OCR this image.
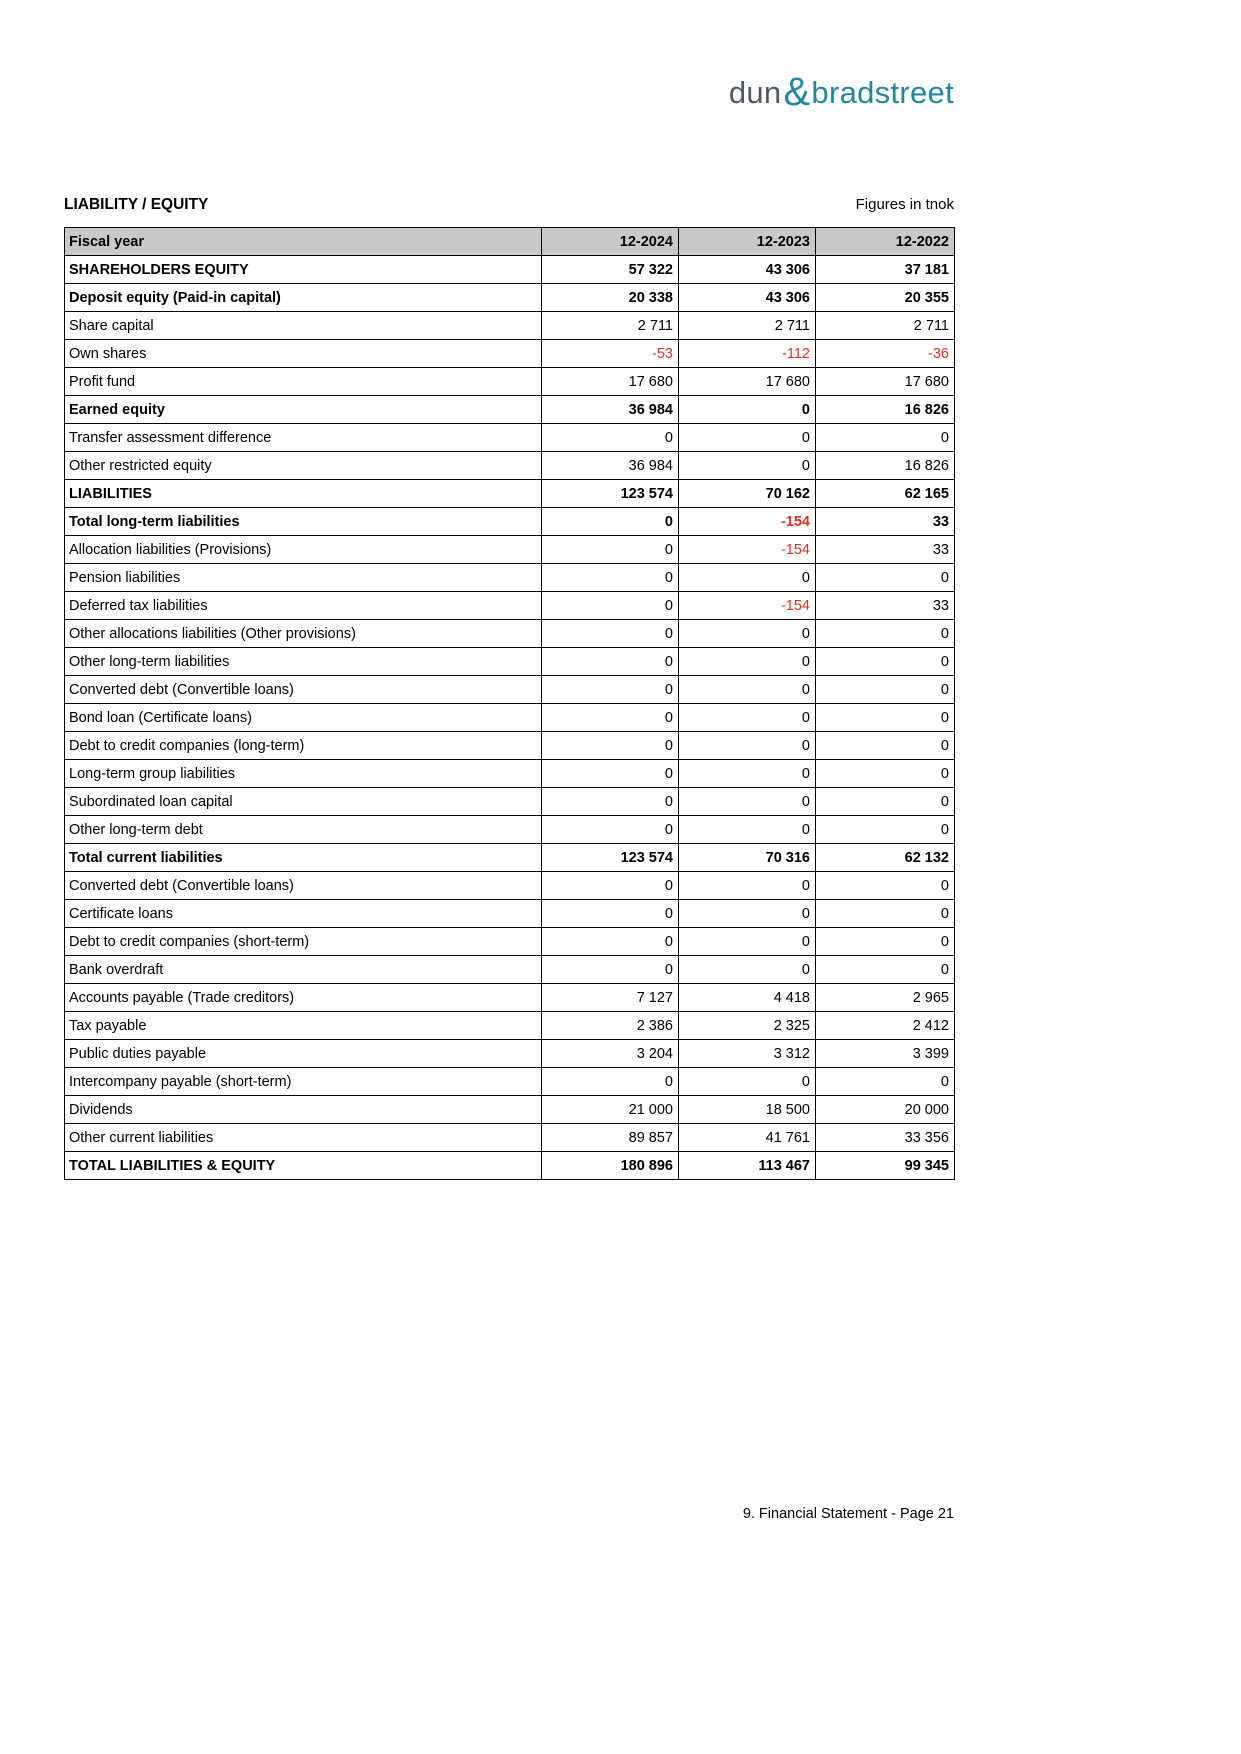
dun & bradstreet
LIABILITY / EQUITY	Figures in tnok
Fiscal year	12-2024	12-2023	12-2022
SHAREHOLDERS EQUITY	57 322	43 306	37 181
Deposit equity (Paid-in capital)	20 338	43 306	20 355
Share capital	2 711	2 711	2 711
Own shares	-53	-112	-36
Profit fund	17 680	17 680	17 680
Earned equity	36 984	0	16 826
Transfer assessment difference	0	0	0
Other restricted equity	36 984	0	16 826
LIABILITIES	123 574	70 162	62 165
Total long-term liabilities	0	-154	33
Allocation liabilities (Provisions)	0	-154	33
Pension liabilities	0	0	0
Deferred tax liabilities	0	-154	33
Other allocations liabilities (Other provisions)	0	0	0
Other long-term liabilities	0	0	0
Converted debt (Convertible loans)	0	0	0
Bond loan (Certificate loans)	0	0	0
Debt to credit companies (long-term)	0	0	0
Long-term group liabilities	0	0	0
Subordinated loan capital	0	0	0
Other long-term debt	0	0	0
Total current liabilities	123 574	70 316	62 132
Converted debt (Convertible loans)	0	0	0
Certificate loans	0	0	0
Debt to credit companies (short-term)	0	0	0
Bank overdraft	0	0	0
Accounts payable (Trade creditors)	7 127	4 418	2 965
Tax payable	2 386	2 325	2 412
Public duties payable	3 204	3 312	3 399
Intercompany payable (short-term)	0	0	0
Dividends	21 000	18 500	20 000
Other current liabilities	89 857	41 761	33 356
TOTAL LIABILITIES & EQUITY	180 896	113 467	99 345
9. Financial Statement - Page 21
